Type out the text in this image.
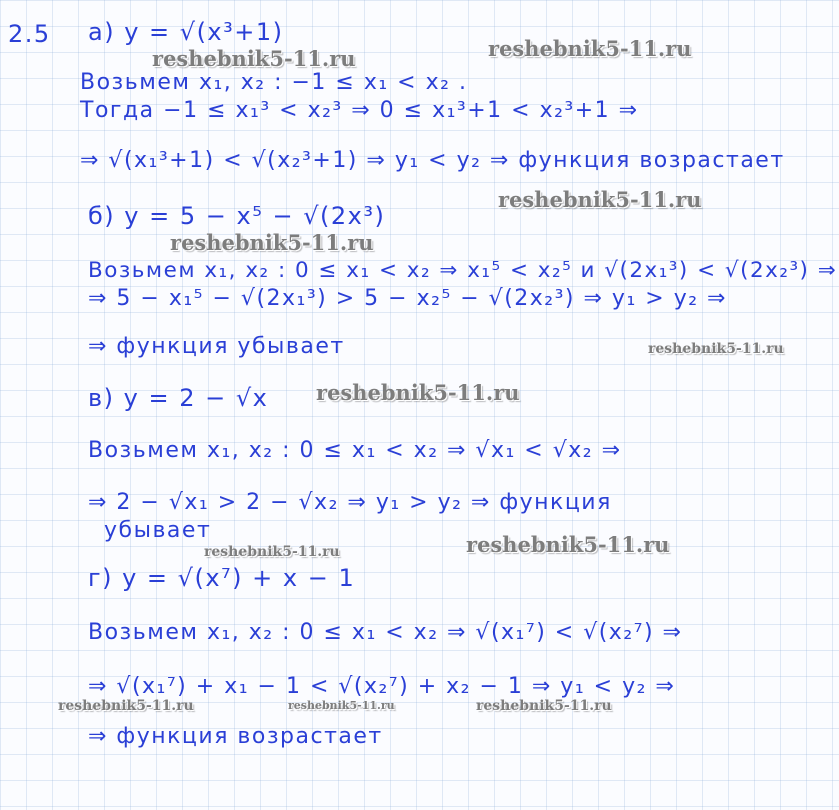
2.5 а) y = √(x³+1)
Возьмем x₁, x₂ : −1 ≤ x₁ < x₂ .
Тогда −1 ≤ x₁³ < x₂³ ⇒ 0 ≤ x₁³+1 < x₂³+1 ⇒
⇒ √(x₁³+1) < √(x₂³+1) ⇒ y₁ < y₂ ⇒ функция возрастает
б) y = 5 − x⁵ − √(2x³)
Возьмем x₁, x₂ : 0 ≤ x₁ < x₂ ⇒ x₁⁵ < x₂⁵ и √(2x₁³) < √(2x₂³) ⇒
⇒ 5 − x₁⁵ − √(2x₁³) > 5 − x₂⁵ − √(2x₂³) ⇒ y₁ > y₂ ⇒
⇒ функция убывает
в) y = 2 − √x
Возьмем x₁, x₂ : 0 ≤ x₁ < x₂ ⇒ √x₁ < √x₂ ⇒
⇒ 2 − √x₁ > 2 − √x₂ ⇒ y₁ > y₂ ⇒ функция
убывает
г) y = √(x⁷) + x − 1
Возьмем x₁, x₂ : 0 ≤ x₁ < x₂ ⇒ √(x₁⁷) < √(x₂⁷) ⇒
⇒ √(x₁⁷) + x₁ − 1 < √(x₂⁷) + x₂ − 1 ⇒ y₁ < y₂ ⇒
⇒ функция возрастает
reshebnik5-11.ru	reshebnik5-11.ru
reshebnik5-11.ru
reshebnik5-11.ru
reshebnik5-11.ru
reshebnik5-11.ru
reshebnik5-11.ru	reshebnik5-11.ru
reshebnik5-11.ru	reshebnik5-11.ru	reshebnik5-11.ru
